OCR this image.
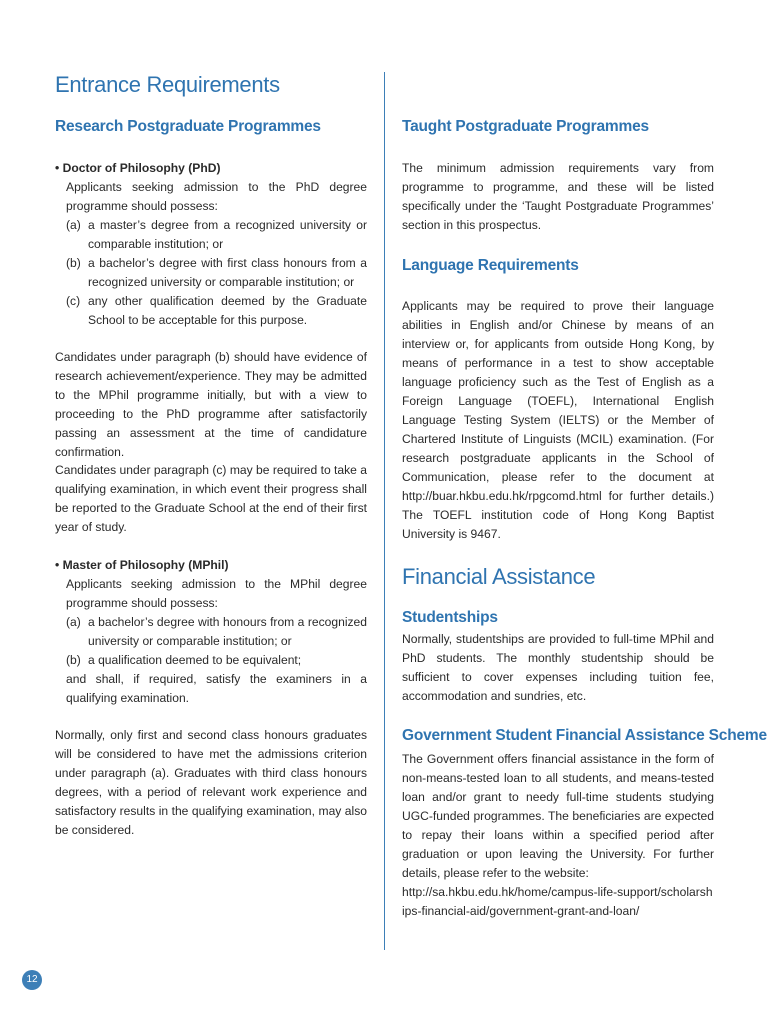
Entrance Requirements
Research Postgraduate Programmes
• Doctor of Philosophy (PhD)
Applicants seeking admission to the PhD degree programme should possess:
(a) a master’s degree from a recognized university or comparable institution; or
(b) a bachelor’s degree with first class honours from a recognized university or comparable institution; or
(c) any other qualification deemed by the Graduate School to be acceptable for this purpose.
Candidates under paragraph (b) should have evidence of research achievement/experience. They may be admitted to the MPhil programme initially, but with a view to proceeding to the PhD programme after satisfactorily passing an assessment at the time of candidature confirmation.
Candidates under paragraph (c) may be required to take a qualifying examination, in which event their progress shall be reported to the Graduate School at the end of their first year of study.
• Master of Philosophy (MPhil)
Applicants seeking admission to the MPhil degree programme should possess:
(a) a bachelor’s degree with honours from a recognized university or comparable institution; or
(b) a qualification deemed to be equivalent;
and shall, if required, satisfy the examiners in a qualifying examination.
Normally, only first and second class honours graduates will be considered to have met the admissions criterion under paragraph (a). Graduates with third class honours degrees, with a period of relevant work experience and satisfactory results in the qualifying examination, may also be considered.
Taught Postgraduate Programmes
The minimum admission requirements vary from programme to programme, and these will be listed specifically under the ‘Taught Postgraduate Programmes’ section in this prospectus.
Language Requirements
Applicants may be required to prove their language abilities in English and/or Chinese by means of an interview or, for applicants from outside Hong Kong, by means of performance in a test to show acceptable language proficiency such as the Test of English as a Foreign Language (TOEFL), International English Language Testing System (IELTS) or the Member of Chartered Institute of Linguists (MCIL) examination. (For research postgraduate applicants in the School of Communication, please refer to the document at http://buar.hkbu.edu.hk/rpgcomd.html for further details.) The TOEFL institution code of Hong Kong Baptist University is 9467.
Financial Assistance
Studentships
Normally, studentships are provided to full-time MPhil and PhD students. The monthly studentship should be sufficient to cover expenses including tuition fee, accommodation and sundries, etc.
Government Student Financial Assistance Scheme
The Government offers financial assistance in the form of non-means-tested loan to all students, and means-tested loan and/or grant to needy full-time students studying UGC-funded programmes. The beneficiaries are expected to repay their loans within a specified period after graduation or upon leaving the University. For further details, please refer to the website:
http://sa.hkbu.edu.hk/home/campus-life-support/scholarships-financial-aid/government-grant-and-loan/
12
